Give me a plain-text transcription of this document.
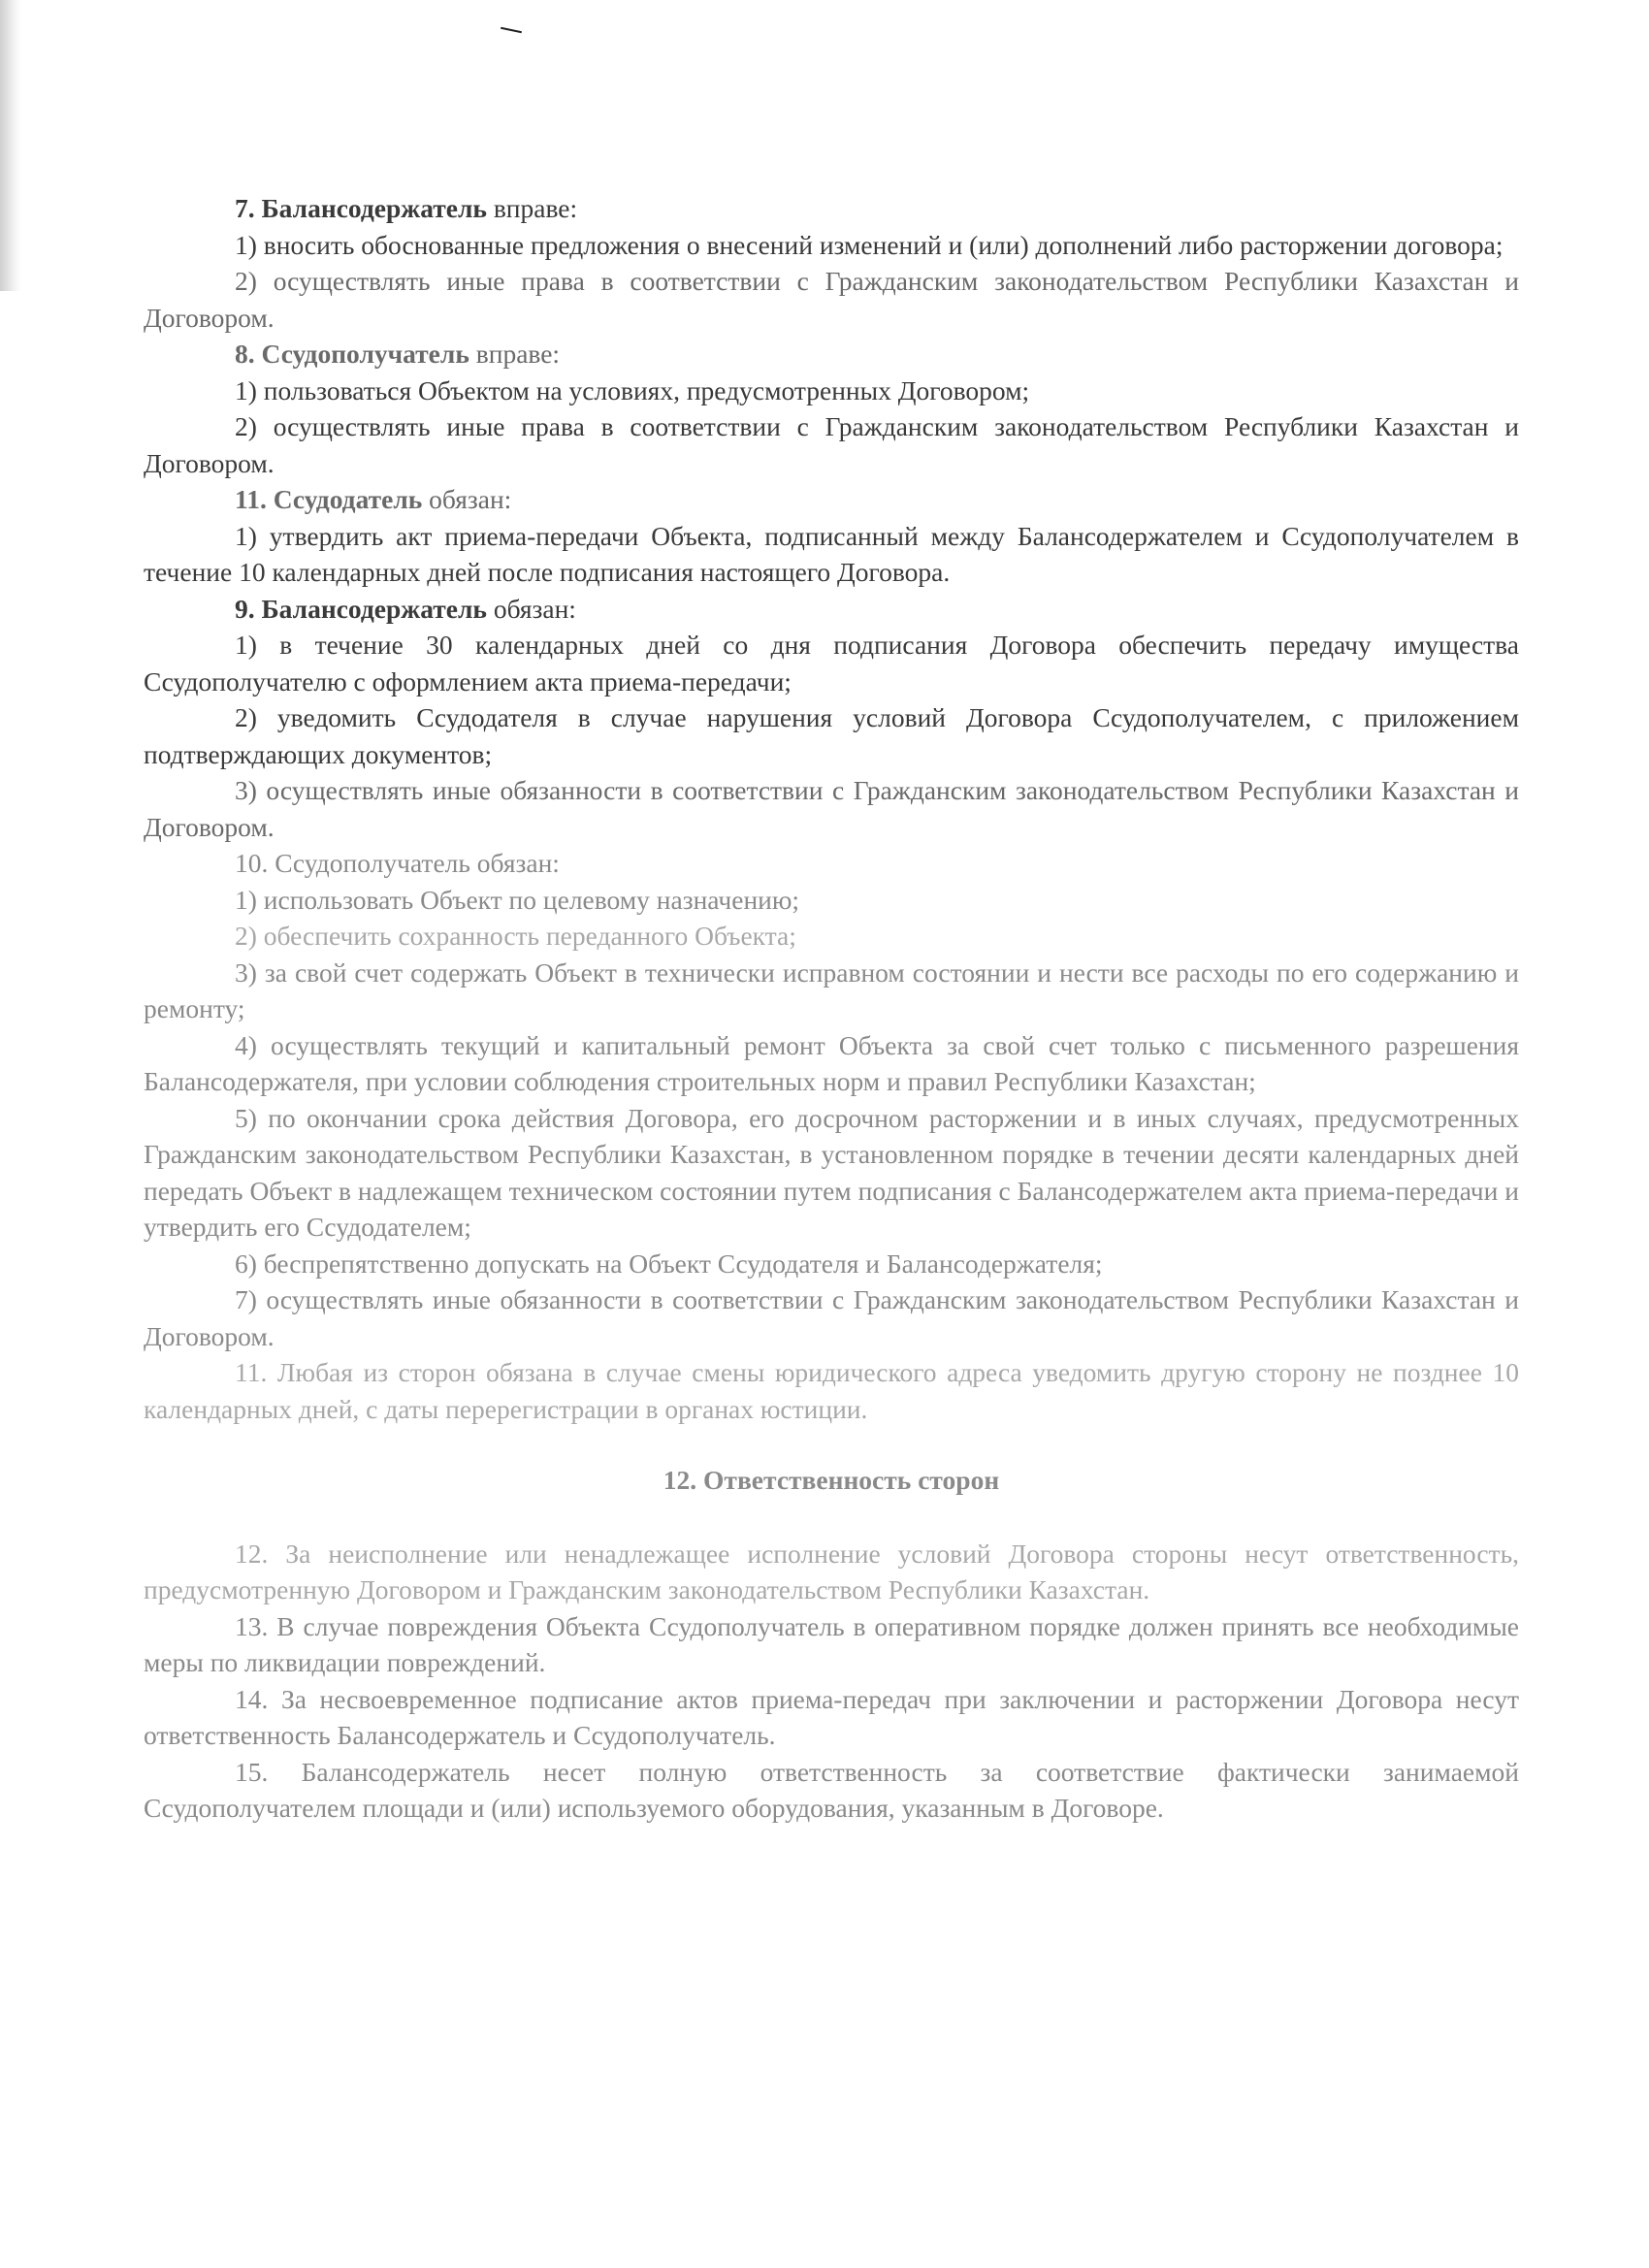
7. Балансодержатель вправе:

1) вносить обоснованные предложения о внесений изменений и (или) дополнений либо расторжении договора;

2) осуществлять иные права в соответствии с Гражданским законодательством Республики Казахстан и Договором.

8. Ссудополучатель вправе:

1) пользоваться Объектом на условиях, предусмотренных Договором;

2) осуществлять иные права в соответствии с Гражданским законодательством Республики Казахстан и Договором.

11. Ссудодатель обязан:

1) утвердить акт приема-передачи Объекта, подписанный между Балансодержателем и Ссудополучателем в течение 10 календарных дней после подписания настоящего Договора.

9. Балансодержатель обязан:

1) в течение 30 календарных дней со дня подписания Договора обеспечить передачу имущества Ссудополучателю с оформлением акта приема-передачи;

2) уведомить Ссудодателя в случае нарушения условий Договора Ссудополучателем, с приложением подтверждающих документов;

3) осуществлять иные обязанности в соответствии с Гражданским законодательством Республики Казахстан и Договором.

10. Ссудополучатель обязан:

1) использовать Объект по целевому назначению;

2) обеспечить сохранность переданного Объекта;

3) за свой счет содержать Объект в технически исправном состоянии и нести все расходы по его содержанию и ремонту;

4) осуществлять текущий и капитальный ремонт Объекта за свой счет только с письменного разрешения Балансодержателя, при условии соблюдения строительных норм и правил Республики Казахстан;

5) по окончании срока действия Договора, его досрочном расторжении и в иных случаях, предусмотренных Гражданским законодательством Республики Казахстан, в установленном порядке в течении десяти календарных дней передать Объект в надлежащем техническом состоянии путем подписания с Балансодержателем акта приема-передачи и утвердить его Ссудодателем;

6) беспрепятственно допускать на Объект Ссудодателя и Балансодержателя;

7) осуществлять иные обязанности в соответствии с Гражданским законодательством Республики Казахстан и Договором.

11. Любая из сторон обязана в случае смены юридического адреса уведомить другую сторону не позднее 10 календарных дней, с даты перерегистрации в органах юстиции.

12. Ответственность сторон

12. За неисполнение или ненадлежащее исполнение условий Договора стороны несут ответственность, предусмотренную Договором и Гражданским законодательством Республики Казахстан.

13. В случае повреждения Объекта Ссудополучатель в оперативном порядке должен принять все необходимые меры по ликвидации повреждений.

14. За несвоевременное подписание актов приема-передач при заключении и расторжении Договора несут ответственность Балансодержатель и Ссудополучатель.

15. Балансодержатель несет полную ответственность за соответствие фактически занимаемой Ссудополучателем площади и (или) используемого оборудования, указанным в Договоре.
